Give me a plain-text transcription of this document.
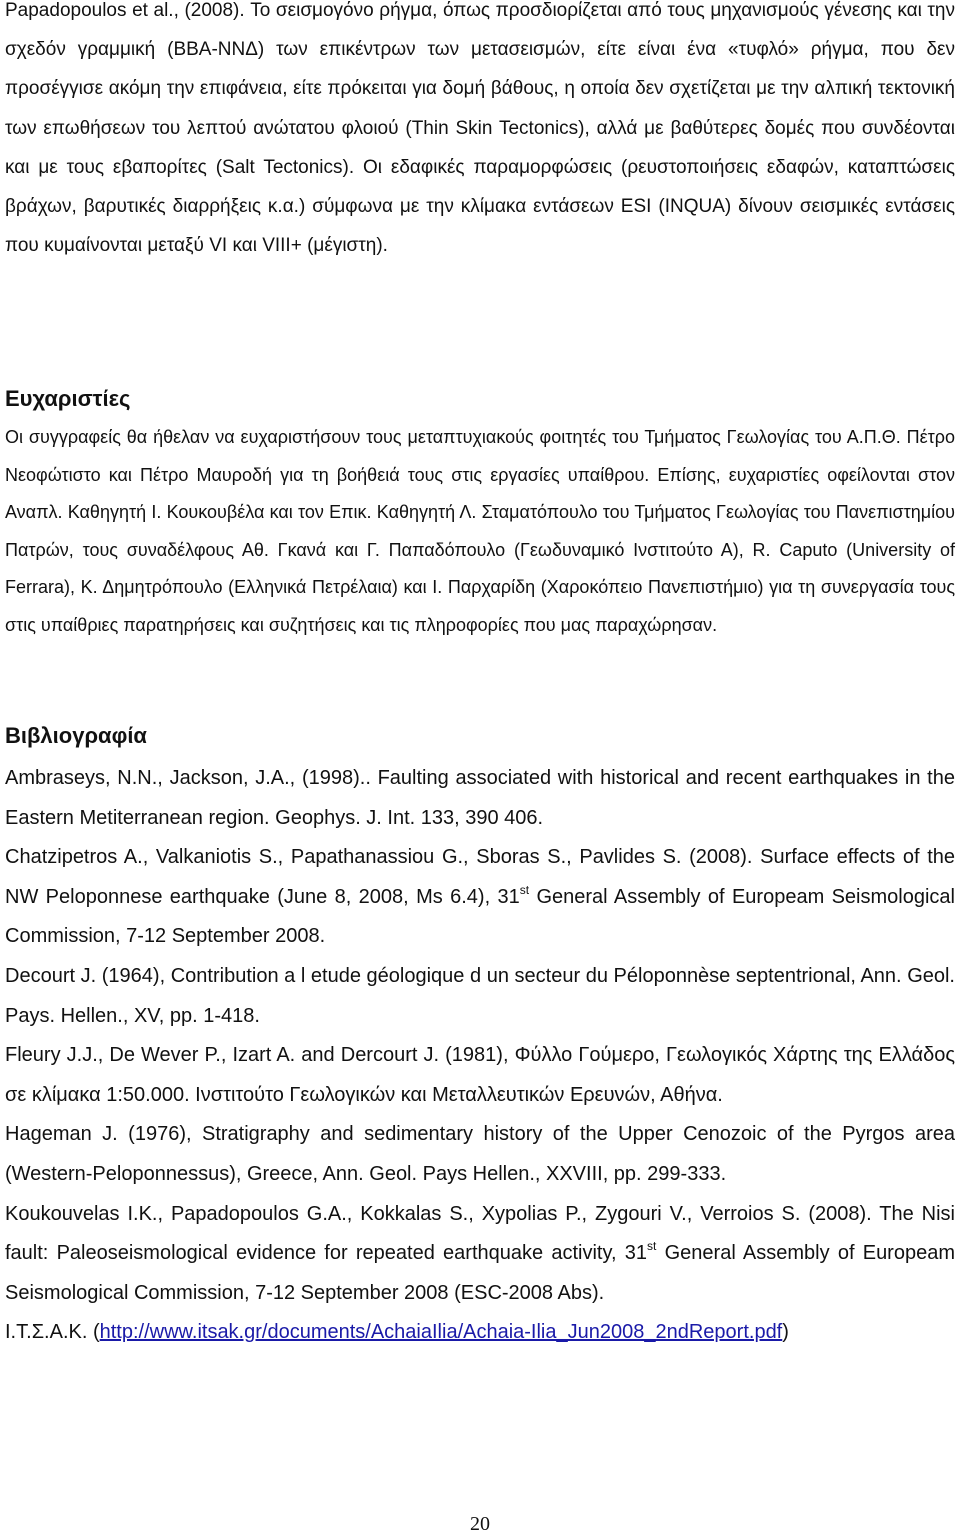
Papadopoulos et al., (2008). Το σεισμογόνο ρήγμα, όπως προσδιορίζεται από τους μηχανισμούς γένεσης και την σχεδόν γραμμική (ΒΒΑ-ΝΝΔ) των επικέντρων των μετασεισμών, είτε είναι ένα «τυφλό» ρήγμα, που δεν προσέγγισε ακόμη την επιφάνεια, είτε πρόκειται για δομή βάθους, η οποία δεν σχετίζεται με την αλπική τεκτονική των επωθήσεων του λεπτού ανώτατου φλοιού (Thin Skin Tectonics), αλλά με βαθύτερες δομές που συνδέονται και με τους εβαπορίτες (Salt Tectonics). Οι εδαφικές παραμορφώσεις (ρευστοποιήσεις εδαφών, καταπτώσεις βράχων, βαρυτικές διαρρήξεις κ.α.) σύμφωνα με την κλίμακα εντάσεων ESI (INQUA) δίνουν σεισμικές εντάσεις που κυμαίνονται μεταξύ VI και VIII+ (μέγιστη).
Ευχαριστίες
Οι συγγραφείς θα ήθελαν να ευχαριστήσουν τους μεταπτυχιακούς φοιτητές του Τμήματος Γεωλογίας του Α.Π.Θ. Πέτρο Νεοφώτιστο και Πέτρο Μαυροδή για τη βοήθειά τους στις εργασίες υπαίθρου. Επίσης, ευχαριστίες οφείλονται στον Αναπλ. Καθηγητή Ι. Κουκουβέλα και τον Επικ. Καθηγητή Λ. Σταματόπουλο του Τμήματος Γεωλογίας του Πανεπιστημίου Πατρών, τους συναδέλφους Αθ. Γκανά και Γ. Παπαδόπουλο (Γεωδυναμικό Ινστιτούτο Α), R. Caputo (University of Ferrara), Κ. Δημητρόπουλο (Ελληνικά Πετρέλαια) και Ι. Παρχαρίδη (Χαροκόπειο Πανεπιστήμιο) για τη συνεργασία τους στις υπαίθριες παρατηρήσεις και συζητήσεις και τις πληροφορίες που μας παραχώρησαν.
Βιβλιογραφία
Ambraseys, N.N., Jackson, J.A., (1998).. Faulting associated with historical and recent earthquakes in the Eastern Metiterranean region. Geophys. J. Int. 133, 390 406.
Chatzipetros A., Valkaniotis S., Papathanassiou G., Sboras S., Pavlides S. (2008). Surface effects of the NW Peloponnese earthquake (June 8, 2008, Ms 6.4), 31st General Assembly of Europeam Seismological Commission, 7-12 September 2008.
Decourt J. (1964), Contribution a l etude géologique d un secteur du Péloponnèse septentrional, Ann. Geol. Pays. Hellen., XV, pp. 1-418.
Fleury J.J., De Wever P., Izart A. and Dercourt J. (1981), Φύλλο Γούμερο, Γεωλογικός Χάρτης της Ελλάδος σε κλίμακα 1:50.000. Ινστιτούτο Γεωλογικών και Μεταλλευτικών Ερευνών, Αθήνα.
Hageman J. (1976), Stratigraphy and sedimentary history of the Upper Cenozoic of the Pyrgos area (Western-Peloponnessus), Greece, Ann. Geol. Pays Hellen., XXVIII, pp. 299-333.
Koukouvelas I.K., Papadopoulos G.A., Kokkalas S., Xypolias P., Zygouri V., Verroios S. (2008). The Nisi fault: Paleoseismological evidence for repeated earthquake activity, 31st General Assembly of Europeam Seismological Commission, 7-12 September 2008 (ESC-2008 Abs).
Ι.Τ.Σ.Α.Κ. (http://www.itsak.gr/documents/AchaiaIlia/Achaia-Ilia_Jun2008_2ndReport.pdf)
20
